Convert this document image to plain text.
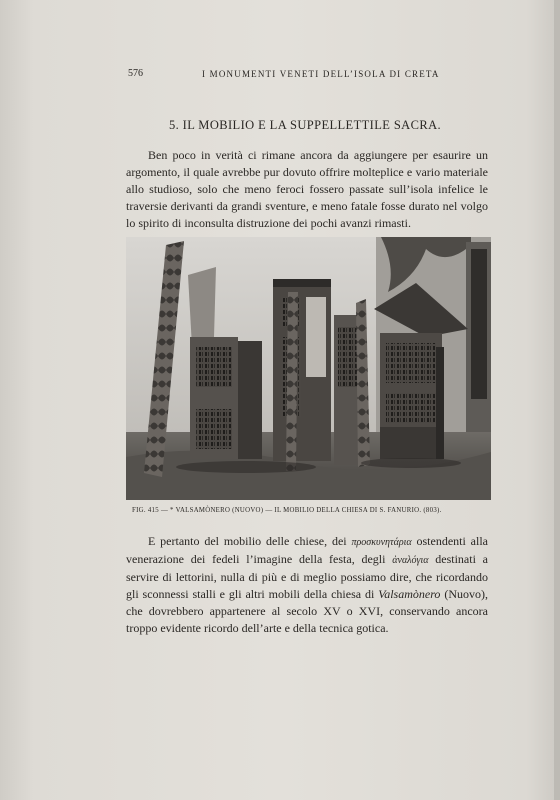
576	I MONUMENTI VENETI DELL’ISOLA DI CRETA
5. IL MOBILIO E LA SUPPELLETTILE SACRA.

Ben poco in verità ci rimane ancora da aggiungere per esaurire un argomento, il quale avrebbe pur dovuto offrire molteplice e vario materiale allo studioso, solo che meno feroci fossero passate sull’isola infelice le traversie derivanti da grandi sventure, e meno fatale fosse durato nel volgo lo spirito di inconsulta distruzione dei pochi avanzi rimasti.

FIG. 415 — * VALSAMÒNERO (NUOVO) — IL MOBILIO DELLA CHIESA DI S. FANURIO. (803).

E pertanto del mobilio delle chiese, dei προσκυνητάρια ostendenti alla venerazione dei fedeli l’imagine della festa, degli ἀναλόγια destinati a servire di lettorini, nulla di più e di meglio possiamo dire, che ricordando gli sconnessi stalli e gli altri mobili della chiesa di Valsamònero (Nuovo), che dovrebbero appartenere al secolo XV o XVI, conservando ancora troppo evidente ricordo dell’arte e della tecnica gotica.
